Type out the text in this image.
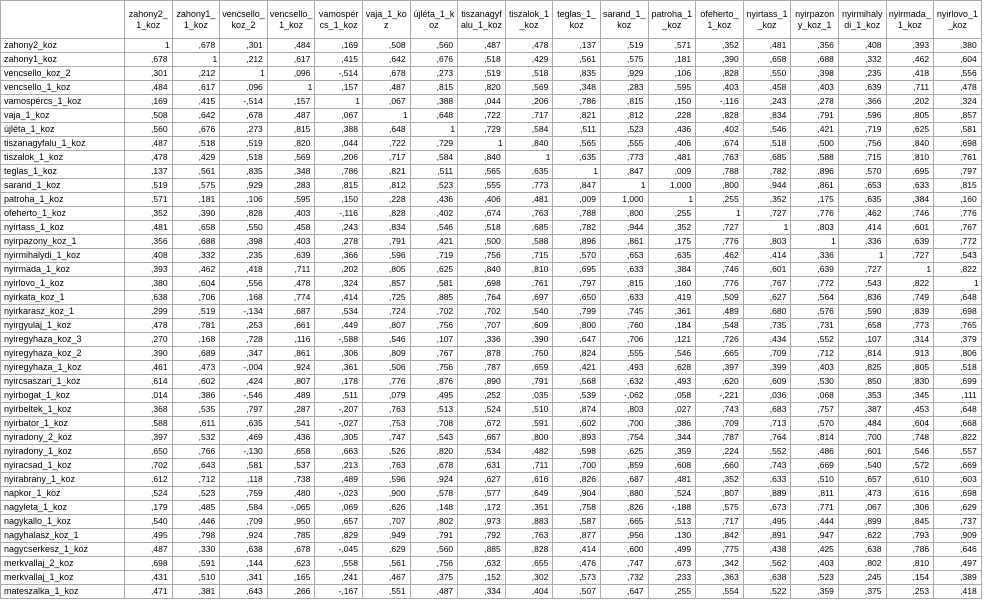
	zahony2_1_koz	zahony1_1_koz	vencsello_koz_2	vencsello_1_koz	vamospércs_1_koz	vaja_1_koz	újléta_1_koz	tiszanagyfalu_1_koz	tiszalok_1_koz	teglas_1_koz	sarand_1_koz	patroha_1_koz	ofeherto_1_koz	nyirtass_1_koz	nyirpazony_koz_1	nyirmihalydi_1_koz	nyirmada_1_koz	nyirlovo_1_koz
zahony2_koz	1	,678˙	,301˙	,484˙	,169˙	,508˙	,560˙	,487˙	,478˙	,137˙	,519˙	,571˙	,352˙	,481˙	,356˙	,408˙	,393˙	,380˙
zahony1_koz	,678˙	1	,212˙	,617˙	,415˙	,642˙	,676˙	,518˙	,429˙	,561˙	,575˙	,181˙	,390˙	,658˙	,688˙	,332˙	,462˙	,604˙
vencsello_koz_2	,301˙	,212˙	1	,096˙	-,514˙	,678˙	,273˙	,519˙	,518˙	,835˙	,929˙	,106˙	,828˙	,550˙	,398˙	,235˙	,418˙	,556˙
vencsello_1_koz	,484˙	,617˙	,096˙	1	,157˙	,487˙	,815˙	,820˙	,569˙	,348˙	,283˙	,595˙	,403˙	,458˙	,403˙	,639˙	,711˙	,478˙
vamospércs_1_koz	,169˙	,415˙	-,514˙	,157˙	1	,067˙	,388˙	,044˙	,206˙	,786˙	,815˙	,150˙	-,116˙	,243˙	,278˙	,366˙	,202˙	,324˙
vaja_1_koz	,508˙	,642˙	,678˙	,487˙	,067˙	1	,648˙	,722˙	,717˙	,821˙	,812˙	,228˙	,828˙	,834˙	,791˙	,596˙	,805˙	,857˙
újléta_1_koz	,560˙	,676˙	,273˙	,815˙	,388˙	,648˙	1	,729˙	,584˙	,511˙	,523˙	,436˙	,402˙	,546˙	,421˙	,719˙	,625˙	,581˙
tiszanagyfalu_1_koz	,487˙	,518˙	,519˙	,820˙	,044˙	,722˙	,729˙	1	,840˙	,565˙	,555˙	,406˙	,674˙	,518˙	,500˙	,756˙	,840˙	,698˙
tiszalok_1_koz	,478˙	,429˙	,518˙	,569˙	,206˙	,717˙	,584˙	,840˙	1	,635˙	,773˙	,481˙	,763˙	,685˙	,588˙	,715˙	,810˙	,761˙
teglas_1_koz	,137˙	,561˙	,835˙	,348˙	,786˙	,821˙	,511˙	,565˙	,635˙	1	,847˙	,009˙	,788˙	,782˙	,896˙	,570˙	,695˙	,797˙
sarand_1_koz	,519˙	,575˙	,929˙	,283˙	,815˙	,812˙	,523˙	,555˙	,773˙	,847˙	1	1,000˙	,800˙	,944˙	,861˙	,653˙	,633˙	,815˙
patroha_1_koz	,571˙	,181˙	,106˙	,595˙	,150˙	,228˙	,436˙	,406˙	,481˙	,009˙	1,000˙	1	,255˙	,352˙	,175˙	,635˙	,384˙	,160˙
ofeherto_1_koz	,352˙	,390˙	,828˙	,403˙	-,116˙	,828˙	,402˙	,674˙	,763˙	,788˙	,800˙	,255˙	1	,727˙	,776˙	,462˙	,746˙	,776˙
nyirtass_1_koz	,481˙	,658˙	,550˙	,458˙	,243˙	,834˙	,546˙	,518˙	,685˙	,782˙	,944˙	,352˙	,727˙	1	,803˙	,414˙	,601˙	,767˙
nyirpazony_koz_1	,356˙	,688˙	,398˙	,403˙	,278˙	,791˙	,421˙	,500˙	,588˙	,896˙	,861˙	,175˙	,776˙	,803˙	1	,336˙	,639˙	,772˙
nyirmihalydi_1_koz	,408˙	,332˙	,235˙	,639˙	,366˙	,596˙	,719˙	,756˙	,715˙	,570˙	,653˙	,635˙	,462˙	,414˙	,336˙	1	,727˙	,543˙
nyirmada_1_koz	,393˙	,462˙	,418˙	,711˙	,202˙	,805˙	,625˙	,840˙	,810˙	,695˙	,633˙	,384˙	,746˙	,601˙	,639˙	,727˙	1	,822˙
nyirlovo_1_koz	,380˙	,604˙	,556˙	,478˙	,324˙	,857˙	,581˙	,698˙	,761˙	,797˙	,815˙	,160˙	,776˙	,767˙	,772˙	,543˙	,822˙	1
nyirkata_koz_1	,638˙	,706˙	,168˙	,774˙	,414˙	,725˙	,885˙	,764˙	,697˙	,650˙	,633˙	,419˙	,509˙	,627˙	,564˙	,836˙	,749˙	,648˙
nyirkarasz_koz_1	,299˙	,519˙	-,134˙	,687˙	,534˙	,724˙	,702˙	,702˙	,540˙	,799˙	,745˙	,361˙	,489˙	,680˙	,576˙	,590˙	,839˙	,698˙
nyirgyulaj_1_koz	,478˙	,781˙	,253˙	,661˙	,449˙	,807˙	,756˙	,707˙	,609˙	,800˙	,760˙	,184˙	,548˙	,735˙	,731˙	,658˙	,773˙	,765˙
nyiregyhaza_koz_3	,270˙	,168˙	,728˙	,116˙	-,588˙	,546˙	,107˙	,336˙	,390˙	,647˙	,706˙	,121˙	,726˙	,434˙	,552˙	,107˙	,314˙	,379˙
nyiregyhaza_koz_2	,390˙	,689˙	,347˙	,861˙	,306˙	,809˙	,767˙	,878˙	,750˙	,824˙	,555˙	,546˙	,665˙	,709˙	,712˙	,814˙	,913˙	,806˙
nyiregyhaza_1_koz	,461˙	,473˙	-,004˙	,924˙	,361˙	,506˙	,756˙	,787˙	,659˙	,421˙	,493˙	,628˙	,397˙	,399˙	,403˙	,825˙	,805˙	,518˙
nyircsaszari_1_koz	,614˙	,602˙	,424˙	,807˙	,178˙	,776˙	,876˙	,890˙	,791˙	,568˙	,632˙	,493˙	,620˙	,609˙	,530˙	,850˙	,830˙	,699˙
nyirbogat_1_koz	,014˙	,386˙	-,546˙	,489˙	,511˙	,079˙	,495˙	,252˙	,035˙	,539˙	-,062˙	,058˙	-,221˙	,036˙	,068˙	,353˙	,345˙	,111˙
nyirbeltek_1_koz	,368˙	,535˙	,797˙	,287˙	-,207˙	,763˙	,513˙	,524˙	,510˙	,874˙	,803˙	,027˙	,743˙	,683˙	,757˙	,387˙	,453˙	,648˙
nyirbator_1_koz	,588˙	,611˙	,635˙	,541˙	-,027˙	,753˙	,708˙	,672˙	,591˙	,602˙	,700˙	,386˙	,709˙	,713˙	,570˙	,484˙	,604˙	,668˙
nyiradony_2_koz	,397˙	,532˙	,469˙	,436˙	,305˙	,747˙	,543˙	,667˙	,800˙	,893˙	,754˙	,344˙	,787˙	,764˙	,814˙	,700˙	,748˙	,822˙
nyiradony_1_koz	,650˙	,766˙	-,130˙	,658˙	,663˙	,526˙	,820˙	,534˙	,482˙	,598˙	,625˙	,359˙	,224˙	,552˙	,486˙	,601˙	,546˙	,557˙
nyiracsad_1_koz	,702˙	,643˙	,581˙	,537˙	,213˙	,763˙	,678˙	,631˙	,711˙	,700˙	,859˙	,608˙	,660˙	,743˙	,669˙	,540˙	,572˙	,669˙
nyirabrany_1_koz	,612˙	,712˙	,118˙	,738˙	,489˙	,596˙	,924˙	,627˙	,616˙	,826˙	,687˙	,481˙	,352˙	,633˙	,510˙	,657˙	,610˙	,603˙
napkor_1_koz	,524˙	,523˙	,759˙	,480˙	-,023˙	,900˙	,578˙	,577˙	,649˙	,904˙	,880˙	,524˙	,807˙	,889˙	,811˙	,473˙	,616˙	,698˙
nagyleta_1_koz	,179˙	,485˙	,584˙	-,065˙	,069˙	,626˙	,148˙	,172˙	,351˙	,758˙	,826˙	-,188˙	,575˙	,673˙	,771˙	,067˙	,306˙	,629˙
nagykallo_1_koz	,540˙	,446˙	,709˙	,950˙	,657˙	,707˙	,802˙	,973˙	,883˙	,587˙	,665˙	,513˙	,717˙	,495˙	,444˙	,899˙	,845˙	,737˙
nagyhalasz_koz_1	,495˙	,798˙	,924˙	,785˙	,829˙	,949˙	,791˙	,792˙	,763˙	,877˙	,956˙	,130˙	,842˙	,891˙	,947˙	,622˙	,793˙	,909˙
nagycserkesz_1_koz	,487˙	,330˙	,638˙	,678˙	-,045˙	,629˙	,560˙	,885˙	,828˙	,414˙	,600˙	,499˙	,775˙	,438˙	,425˙	,638˙	,786˙	,646˙
merkvallaj_2_koz	,698˙	,591˙	,144˙	,623˙	,558˙	,561˙	,756˙	,632˙	,655˙	,476˙	,747˙	,673˙	,342˙	,562˙	,403˙	,802˙	,810˙	,497˙
merkvallaj_1_koz	,431˙	,510˙	,341˙	,165˙	,241˙	,467˙	,375˙	,152˙	,302˙	,573˙	,732˙	,233˙	,363˙	,638˙	,523˙	,245˙	,154˙	,389˙
mateszalka_1_koz	,471˙	,381˙	,643˙	,266˙	-,167˙	,551˙	,487˙	,334˙	,404˙	,507˙	,647˙	,255˙	,554˙	,522˙	,359˙	,375˙	,253˙	,418˙
